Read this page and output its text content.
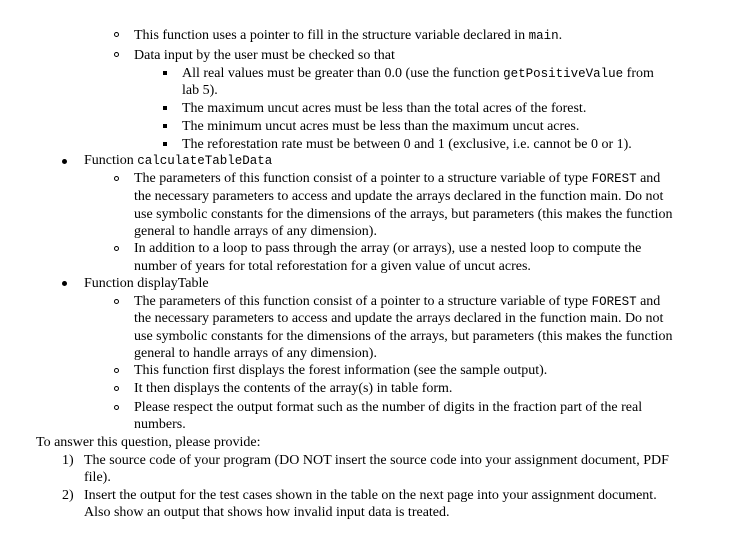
This function uses a pointer to fill in the structure variable declared in main.
Data input by the user must be checked so that
All real values must be greater than 0.0 (use the function getPositiveValue from
lab 5).
The maximum uncut acres must be less than the total acres of the forest.
The minimum uncut acres must be less than the maximum uncut acres.
The reforestation rate must be between 0 and 1 (exclusive, i.e. cannot be 0 or 1).
Function calculateTableData
The parameters of this function consist of a pointer to a structure variable of type FOREST and
the necessary parameters to access and update the arrays declared in the function main. Do not
use symbolic constants for the dimensions of the arrays, but parameters (this makes the function
general to handle arrays of any dimension).
In addition to a loop to pass through the array (or arrays), use a nested loop to compute the
number of years for total reforestation for a given value of uncut acres.
Function displayTable
The parameters of this function consist of a pointer to a structure variable of type FOREST and
the necessary parameters to access and update the arrays declared in the function main. Do not
use symbolic constants for the dimensions of the arrays, but parameters (this makes the function
general to handle arrays of any dimension).
This function first displays the forest information (see the sample output).
It then displays the contents of the array(s) in table form.
Please respect the output format such as the number of digits in the fraction part of the real
numbers.
To answer this question, please provide:
1) The source code of your program (DO NOT insert the source code into your assignment document, PDF
file).
2) Insert the output for the test cases shown in the table on the next page into your assignment document.
Also show an output that shows how invalid input data is treated.
